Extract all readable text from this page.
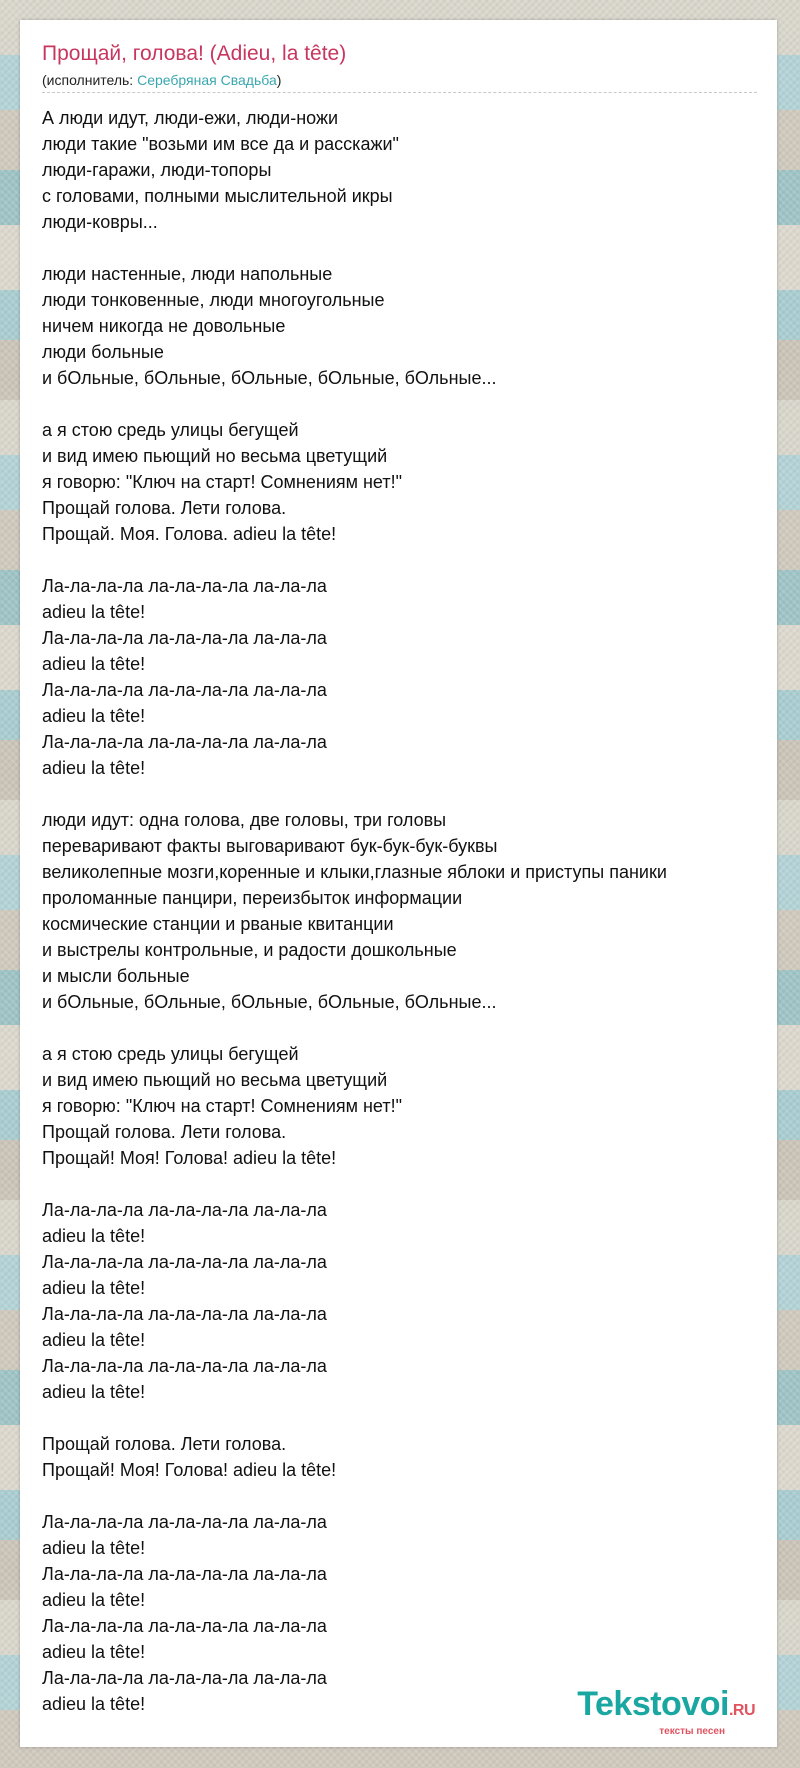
Прощай, голова! (Adieu, la tête)
(исполнитель: Серебряная Свадьба)
А люди идут, люди-ежи, люди-ножи
люди такие "возьми им все да и расскажи"
люди-гаражи, люди-топоры
с головами, полными мыслительной икры
люди-ковры...
люди настенные, люди напольные
люди тонковенные, люди многоугольные
ничем никогда не довольные
люди больные
и бОльные, бОльные, бОльные, бОльные, бОльные...
а я стою средь улицы бегущей
и вид имею пьющий но весьма цветущий
я говорю: "Ключ на старт! Сомнениям нет!"
Прощай голова. Лети голова.
Прощай. Моя. Голова. adieu la tête!
Ла-ла-ла-ла ла-ла-ла-ла ла-ла-ла
adieu la tête!
Ла-ла-ла-ла ла-ла-ла-ла ла-ла-ла
adieu la tête!
Ла-ла-ла-ла ла-ла-ла-ла ла-ла-ла
adieu la tête!
Ла-ла-ла-ла ла-ла-ла-ла ла-ла-ла
adieu la tête!
люди идут: одна голова, две головы, три головы
переваривают факты выговаривают бук-бук-бук-буквы
великолепные мозги,коренные и клыки,глазные яблоки и приступы паники
проломанные панцири, переизбыток информации
космические станции и рваные квитанции
и выстрелы контрольные, и радости дошкольные
и мысли больные
и бОльные, бОльные, бОльные, бОльные, бОльные...
а я стою средь улицы бегущей
и вид имею пьющий но весьма цветущий
я говорю: "Ключ на старт! Сомнениям нет!"
Прощай голова. Лети голова.
Прощай! Моя! Голова! adieu la tête!
Ла-ла-ла-ла ла-ла-ла-ла ла-ла-ла
adieu la tête!
Ла-ла-ла-ла ла-ла-ла-ла ла-ла-ла
adieu la tête!
Ла-ла-ла-ла ла-ла-ла-ла ла-ла-ла
adieu la tête!
Ла-ла-ла-ла ла-ла-ла-ла ла-ла-ла
adieu la tête!
Прощай голова. Лети голова.
Прощай! Моя! Голова! adieu la tête!
Ла-ла-ла-ла ла-ла-ла-ла ла-ла-ла
adieu la tête!
Ла-ла-ла-ла ла-ла-ла-ла ла-ла-ла
adieu la tête!
Ла-ла-ла-ла ла-ла-ла-ла ла-ла-ла
adieu la tête!
Ла-ла-ла-ла ла-ла-ла-ла ла-ла-ла
adieu la tête!	Tekstovoi.RU
тексты песен
